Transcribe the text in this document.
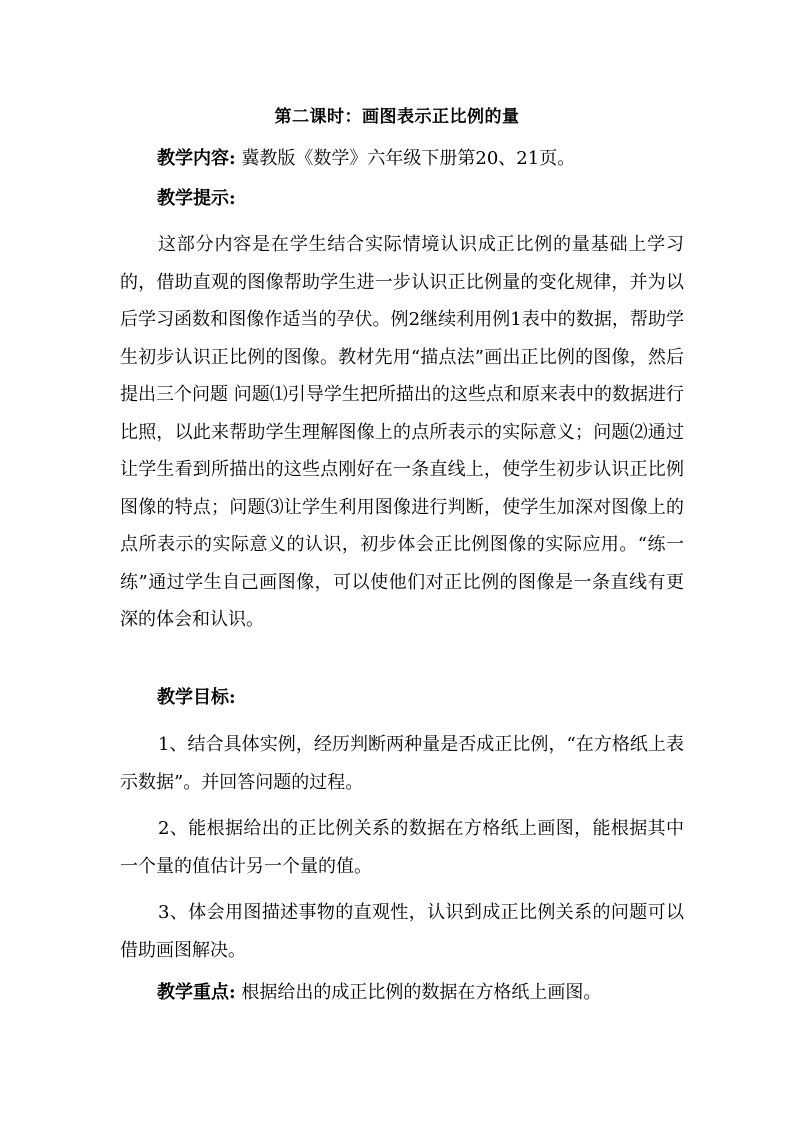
第二课时：画图表示正比例的量
教学内容: 冀教版《数学》六年级下册第20、21页。
教学提示:
这部分内容是在学生结合实际情境认识成正比例的量基础上学习的，借助直观的图像帮助学生进一步认识正比例量的变化规律，并为以后学习函数和图像作适当的孕伏。例2继续利用例1表中的数据，帮助学生初步认识正比例的图像。教材先用“描点法”画出正比例的图像，然后提出三个问题 问题⑴引导学生把所描出的这些点和原来表中的数据进行比照，以此来帮助学生理解图像上的点所表示的实际意义；问题⑵通过让学生看到所描出的这些点刚好在一条直线上，使学生初步认识正比例图像的特点；问题⑶让学生利用图像进行判断，使学生加深对图像上的点所表示的实际意义的认识，初步体会正比例图像的实际应用。“练一练”通过学生自己画图像，可以使他们对正比例的图像是一条直线有更深的体会和认识。
教学目标:
1、结合具体实例，经历判断两种量是否成正比例，“在方格纸上表示数据”。并回答问题的过程。
2、能根据给出的正比例关系的数据在方格纸上画图，能根据其中一个量的值估计另一个量的值。
3、体会用图描述事物的直观性，认识到成正比例关系的问题可以借助画图解决。
教学重点: 根据给出的成正比例的数据在方格纸上画图。
